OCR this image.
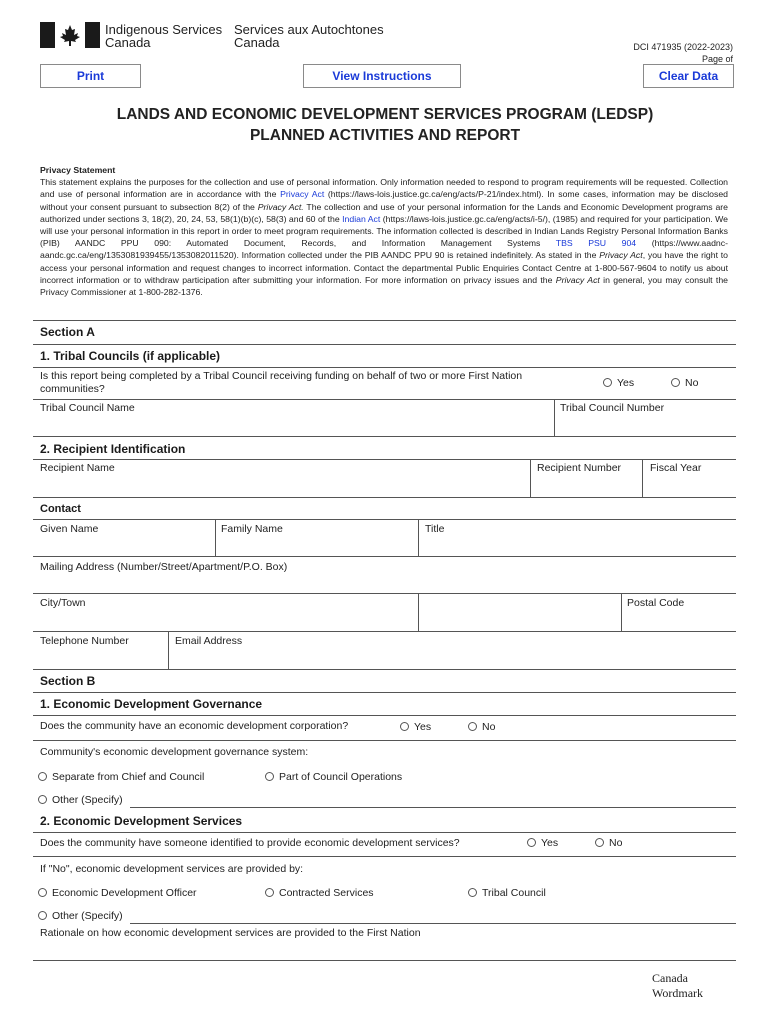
Indigenous Services
Canada
Services aux Autochtones
Canada	DCI 471935 (2022-2023)
Page of
Print	View Instructions	Clear Data
LANDS AND ECONOMIC DEVELOPMENT SERVICES PROGRAM (LEDSP)
PLANNED ACTIVITIES AND REPORT
Privacy Statement
This statement explains the purposes for the collection and use of personal information. Only information needed to respond to program requirements will be requested. Collection and use of personal information are in accordance with the Privacy Act (https://laws-lois.justice.gc.ca/eng/acts/P-21/index.html). In some cases, information may be disclosed without your consent pursuant to subsection 8(2) of the Privacy Act. The collection and use of your personal information for the Lands and Economic Development programs are authorized under sections 3, 18(2), 20, 24, 53, 58(1)(b)(c), 58(3) and 60 of the Indian Act (https://laws-lois.justice.gc.ca/eng/acts/i-5/), (1985) and required for your participation. We will use your personal information in this report in order to meet program requirements. The information collected is described in Indian Lands Registry Personal Information Banks (PIB) AANDC PPU 090: Automated Document, Records, and Information Management Systems TBS PSU 904 (https://www.aadnc-aandc.gc.ca/eng/1353081939455/1353082011520). Information collected under the PIB AANDC PPU 90 is retained indefinitely. As stated in the Privacy Act, you have the right to access your personal information and request changes to incorrect information. Contact the departmental Public Enquiries Contact Centre at 1-800-567-9604 to notify us about incorrect information or to withdraw participation after submitting your information. For more information on privacy issues and the Privacy Act in general, you may consult the Privacy Commissioner at 1-800-282-1376.
Section A
1. Tribal Councils (if applicable)
Is this report being completed by a Tribal Council receiving funding on behalf of two or more First Nation communities?	Yes	No
Tribal Council Name	Tribal Council Number
2. Recipient Identification
Recipient Name	Recipient Number	Fiscal Year
Contact
Given Name	Family Name	Title
Mailing Address (Number/Street/Apartment/P.O. Box)
City/Town	Postal Code
Telephone Number	Email Address
Section B
1. Economic Development Governance
Does the community have an economic development corporation?	Yes	No
Community's economic development governance system:
Separate from Chief and Council	Part of Council Operations
Other (Specify)
2. Economic Development Services
Does the community have someone identified to provide economic development services?	Yes	No
If "No", economic development services are provided by:
Economic Development Officer	Contracted Services	Tribal Council
Other (Specify)
Rationale on how economic development services are provided to the First Nation
Canada
Wordmark
